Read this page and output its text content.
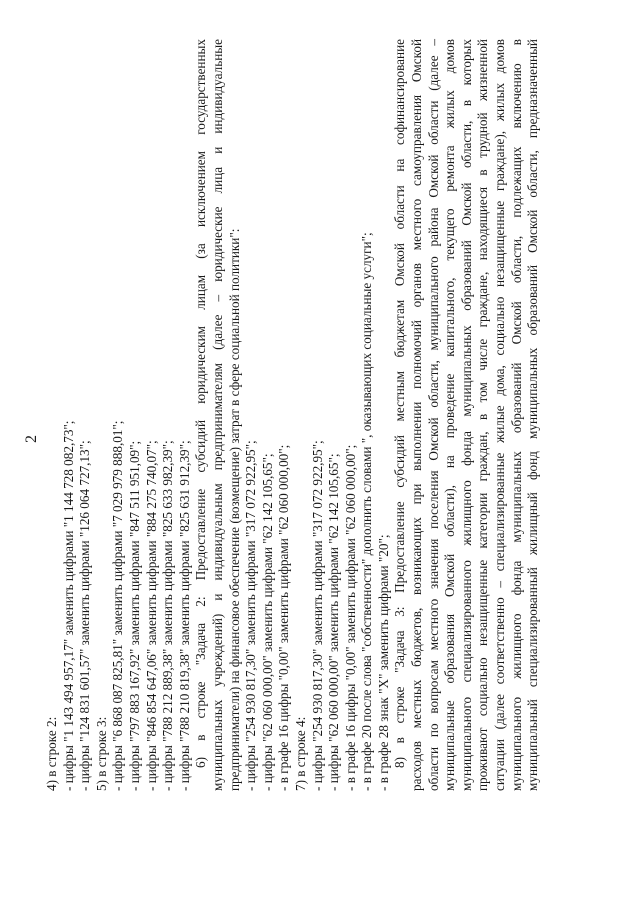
2

4) в строке 2: - цифры "1 143 494 957,17" заменить цифрами "1 144 728 082,73"; - цифры "124 831 601,57" заменить цифрами "126 064 727,13"; 5) в строке 3: - цифры "6 868 087 825,81" заменить цифрами "7 029 979 888,01"; - цифры "797 883 167,92" заменить цифрами "847 511 951,09"; - цифры "846 854 647,06" заменить цифрами "884 275 740,07"; - цифры "788 212 889,38" заменить цифрами "825 633 982,39"; - цифры "788 210 819,38" заменить цифрами "825 631 912,39"; 6) в строке "Задача 2: Предоставление субсидий юридическим лицам (за исключением государственных муниципальных учреждений) и индивидуальным предпринимателям (далее – юридические лица и индивидуальные предприниматели) на финансовое обеспечение (возмещение) затрат в сфере социальной политики": - цифры "254 930 817,30" заменить цифрами "317 072 922,95"; - цифры "62 060 000,00" заменить цифрами "62 142 105,65"; - в графе 16 цифры "0,00" заменить цифрами "62 060 000,00"; 7) в строке 4: - цифры "254 930 817,30" заменить цифрами "317 072 922,95"; - цифры "62 060 000,00" заменить цифрами "62 142 105,65"; - в графе 16 цифры "0,00" заменить цифрами "62 060 000,00"; - в графе 20 после слова "собственности" дополнить словами ", оказывающих социальные услуги"; - в графе 28 знак "X" заменить цифрами "20"; 8) в строке "Задача 3: Предоставление субсидий местным бюджетам Омской области на софинансирование расходов местных бюджетов, возникающих при выполнении полномочий органов местного самоуправления Омской области по вопросам местного значения поселения Омской области, муниципального района Омской области (далее – муниципальные образования Омской области), на проведение капитального, текущего ремонта жилых домов муниципального специализированного жилищного фонда муниципальных образований Омской области, в которых проживают социально незащищенные категории граждан, в том числе граждане, находящиеся в трудной жизненной ситуации (далее соответственно – специализированные жилые дома, социально незащищенные граждане), жилых домов муниципального жилищного фонда муниципальных образований Омской области, подлежащих включению в муниципальный специализированный жилищный фонд муниципальных образований Омской области, предназначенный
